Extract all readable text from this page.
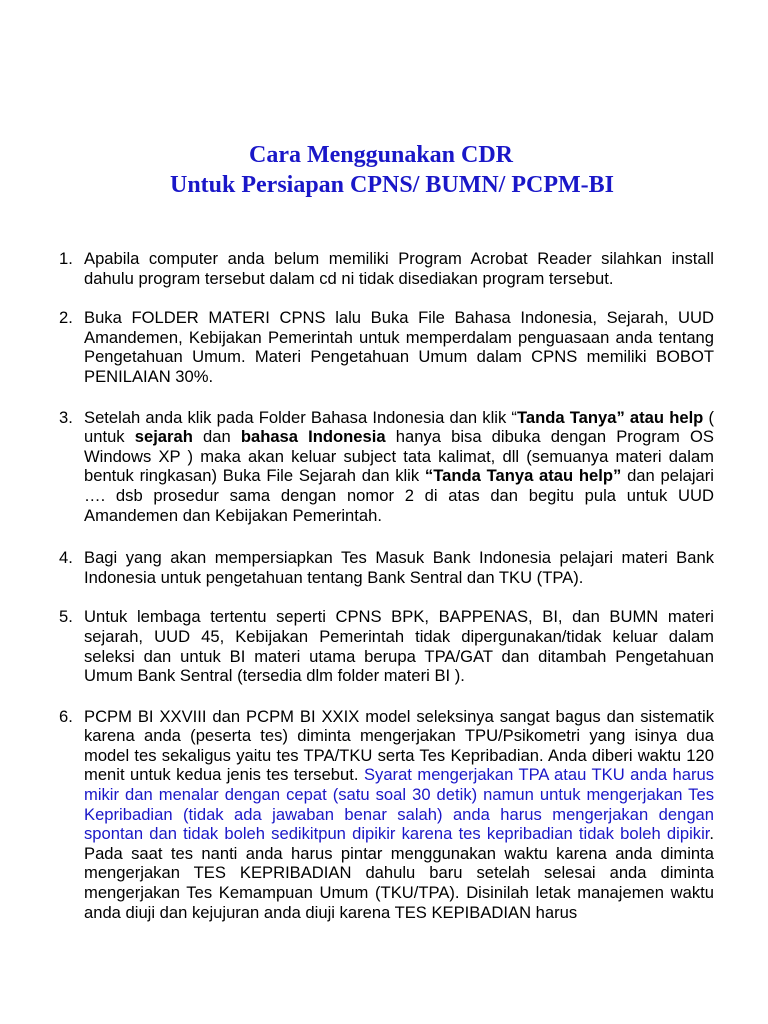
Cara Menggunakan CDR
Untuk Persiapan CPNS/ BUMN/ PCPM-BI
1. Apabila computer anda belum memiliki Program Acrobat Reader silahkan install dahulu program tersebut dalam cd ni tidak disediakan program tersebut.
2. Buka FOLDER MATERI CPNS lalu Buka File Bahasa Indonesia, Sejarah, UUD Amandemen, Kebijakan Pemerintah untuk memperdalam penguasaan anda tentang Pengetahuan Umum. Materi Pengetahuan Umum dalam CPNS memiliki BOBOT PENILAIAN 30%.
3. Setelah anda klik pada Folder Bahasa Indonesia dan klik “Tanda Tanya” atau help ( untuk sejarah dan bahasa Indonesia hanya bisa dibuka dengan Program OS Windows XP ) maka akan keluar subject tata kalimat, dll (semuanya materi dalam bentuk ringkasan) Buka File Sejarah dan klik “Tanda Tanya atau help” dan pelajari …. dsb prosedur sama dengan nomor 2 di atas dan begitu pula untuk UUD Amandemen dan Kebijakan Pemerintah.
4. Bagi yang akan mempersiapkan Tes Masuk Bank Indonesia pelajari materi Bank Indonesia untuk pengetahuan tentang Bank Sentral dan TKU (TPA).
5. Untuk lembaga tertentu seperti CPNS BPK, BAPPENAS, BI, dan BUMN materi sejarah, UUD 45, Kebijakan Pemerintah tidak dipergunakan/tidak keluar dalam seleksi dan untuk BI materi utama berupa TPA/GAT dan ditambah Pengetahuan Umum Bank Sentral (tersedia dlm folder materi BI ).
6. PCPM BI XXVIII dan PCPM BI XXIX model seleksinya sangat bagus dan sistematik karena anda (peserta tes) diminta mengerjakan TPU/Psikometri yang isinya dua model tes sekaligus yaitu tes TPA/TKU serta Tes Kepribadian. Anda diberi waktu 120 menit untuk kedua jenis tes tersebut. Syarat mengerjakan TPA atau TKU anda harus mikir dan menalar dengan cepat (satu soal 30 detik) namun untuk mengerjakan Tes Kepribadian (tidak ada jawaban benar salah) anda harus mengerjakan dengan spontan dan tidak boleh sedikitpun dipikir karena tes kepribadian tidak boleh dipikir. Pada saat tes nanti anda harus pintar menggunakan waktu karena anda diminta mengerjakan TES KEPRIBADIAN dahulu baru setelah selesai anda diminta mengerjakan Tes Kemampuan Umum (TKU/TPA). Disinilah letak manajemen waktu anda diuji dan kejujuran anda diuji karena TES KEPIBADIAN harus
